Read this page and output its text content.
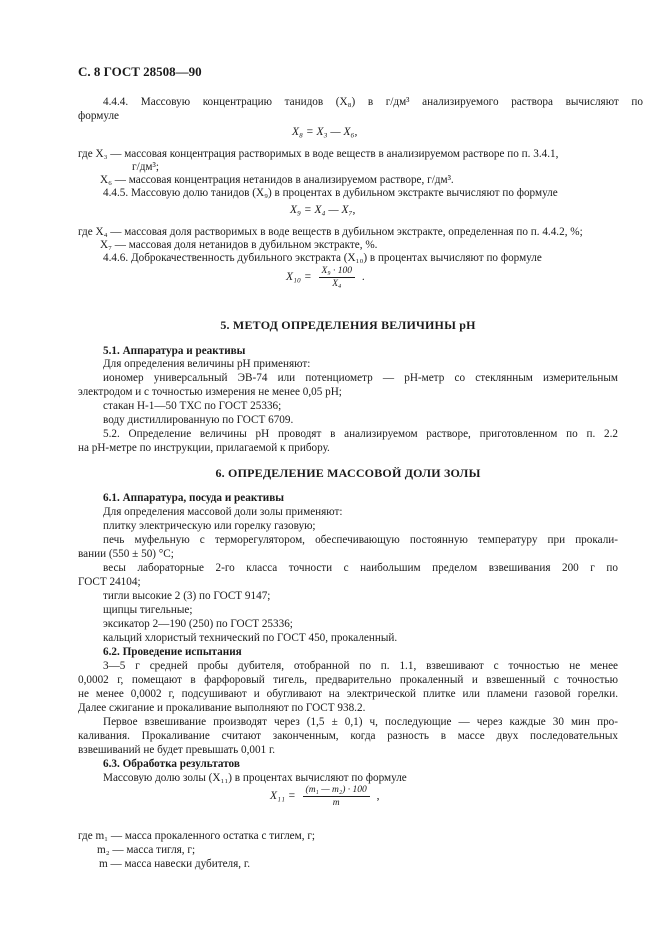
С. 8 ГОСТ 28508—90
4.4.4. Массовую концентрацию танидов (X₈) в г/дм³ анализируемого раствора вычисляют по
формуле
X₈ = X₃ — X₆,
где X₃ — массовая концентрация растворимых в воде веществ в анализируемом растворе по п. 3.4.1,
г/дм³;
X₆ — массовая концентрация нетанидов в анализируемом растворе, г/дм³.
4.4.5. Массовую долю танидов (X₉) в процентах в дубильном экстракте вычисляют по формуле
X₉ = X₄ — X₇,
где X₄ — массовая доля растворимых в воде веществ в дубильном экстракте, определенная по п. 4.4.2, %;
X₇ — массовая доля нетанидов в дубильном экстракте, %.
4.4.6. Доброкачественность дубильного экстракта (X₁₀) в процентах вычисляют по формуле
$X_{10} = \frac{\text{X₉ · 100}}{\text{X₄}}$ .
5. МЕТОД ОПРЕДЕЛЕНИЯ ВЕЛИЧИНЫ pH
5.1. Аппаратура и реактивы
Для определения величины pH применяют:
иономер универсальный ЭВ-74 или потенциометр — pH-метр со стеклянным измерительным
электродом и с точностью измерения не менее 0,05 pH;
стакан Н-1—50 ТХС по ГОСТ 25336;
воду дистиллированную по ГОСТ 6709.
5.2. Определение величины pH проводят в анализируемом растворе, приготовленном по п. 2.2
на pH-метре по инструкции, прилагаемой к прибору.
6. ОПРЕДЕЛЕНИЕ МАССОВОЙ ДОЛИ ЗОЛЫ
6.1. Аппаратура, посуда и реактивы
Для определения массовой доли золы применяют:
плитку электрическую или горелку газовую;
печь муфельную с терморегулятором, обеспечивающую постоянную температуру при прокали-
вании (550 ± 50) °С;
весы лабораторные 2-го класса точности с наибольшим пределом взвешивания 200 г по
ГОСТ 24104;
тигли высокие 2 (3) по ГОСТ 9147;
щипцы тигельные;
эксикатор 2—190 (250) по ГОСТ 25336;
кальций хлористый технический по ГОСТ 450, прокаленный.
6.2. Проведение испытания
3—5 г средней пробы дубителя, отобранной по п. 1.1, взвешивают с точностью не менее
0,0002 г, помещают в фарфоровый тигель, предварительно прокаленный и взвешенный с точностью
не менее 0,0002 г, подсушивают и обугливают на электрической плитке или пламени газовой горелки.
Далее сжигание и прокаливание выполняют по ГОСТ 938.2.
Первое взвешивание производят через (1,5 ± 0,1) ч, последующие — через каждые 30 мин про-
каливания. Прокаливание считают законченным, когда разность в массе двух последовательных
взвешиваний не будет превышать 0,001 г.
6.3. Обработка результатов
Массовую долю золы (X₁₁) в процентах вычисляют по формуле
$X_{11} = \frac{\text{(m₁ — m₂) · 100}}{m}$ ,
где m₁ — масса прокаленного остатка с тиглем, г;
m₂ — масса тигля, г;
m — масса навески дубителя, г.
